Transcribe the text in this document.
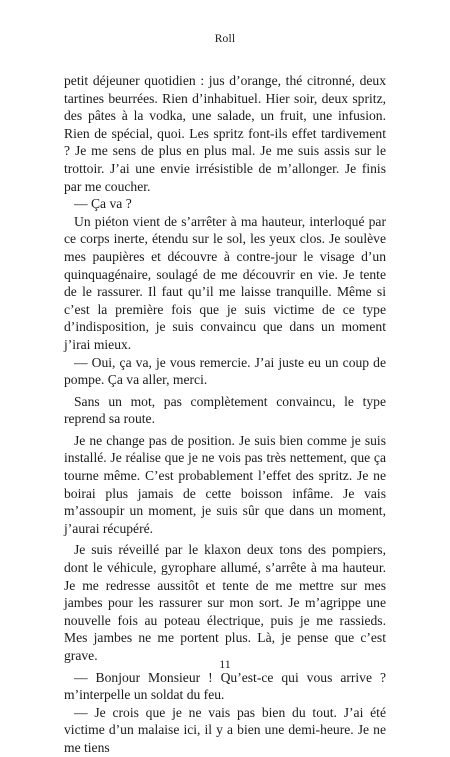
Roll

petit déjeuner quotidien : jus d’orange, thé citronné, deux tartines beurrées. Rien d’inhabituel. Hier soir, deux spritz, des pâtes à la vodka, une salade, un fruit, une infusion. Rien de spécial, quoi. Les spritz font-ils effet tardivement ? Je me sens de plus en plus mal. Je me suis assis sur le trottoir. J’ai une envie irrésistible de m’allonger. Je finis par me coucher.

— Ça va ?

Un piéton vient de s’arrêter à ma hauteur, interloqué par ce corps inerte, étendu sur le sol, les yeux clos. Je soulève mes paupières et découvre à contre-jour le visage d’un quinquagénaire, soulagé de me découvrir en vie. Je tente de le rassurer. Il faut qu’il me laisse tranquille. Même si c’est la première fois que je suis victime de ce type d’indisposition, je suis convaincu que dans un moment j’irai mieux.

— Oui, ça va, je vous remercie. J’ai juste eu un coup de pompe. Ça va aller, merci.

Sans un mot, pas complètement convaincu, le type reprend sa route.

Je ne change pas de position. Je suis bien comme je suis installé. Je réalise que je ne vois pas très nettement, que ça tourne même. C’est probablement l’effet des spritz. Je ne boirai plus jamais de cette boisson infâme. Je vais m’assoupir un moment, je suis sûr que dans un moment, j’aurai récupéré.

Je suis réveillé par le klaxon deux tons des pompiers, dont le véhicule, gyrophare allumé, s’arrête à ma hauteur. Je me redresse aussitôt et tente de me mettre sur mes jambes pour les rassurer sur mon sort. Je m’agrippe une nouvelle fois au poteau électrique, puis je me rassieds. Mes jambes ne me portent plus. Là, je pense que c’est grave.

— Bonjour Monsieur ! Qu’est-ce qui vous arrive ? m’interpelle un soldat du feu.

— Je crois que je ne vais pas bien du tout. J’ai été victime d’un malaise ici, il y a bien une demi-heure. Je ne me tiens

11
